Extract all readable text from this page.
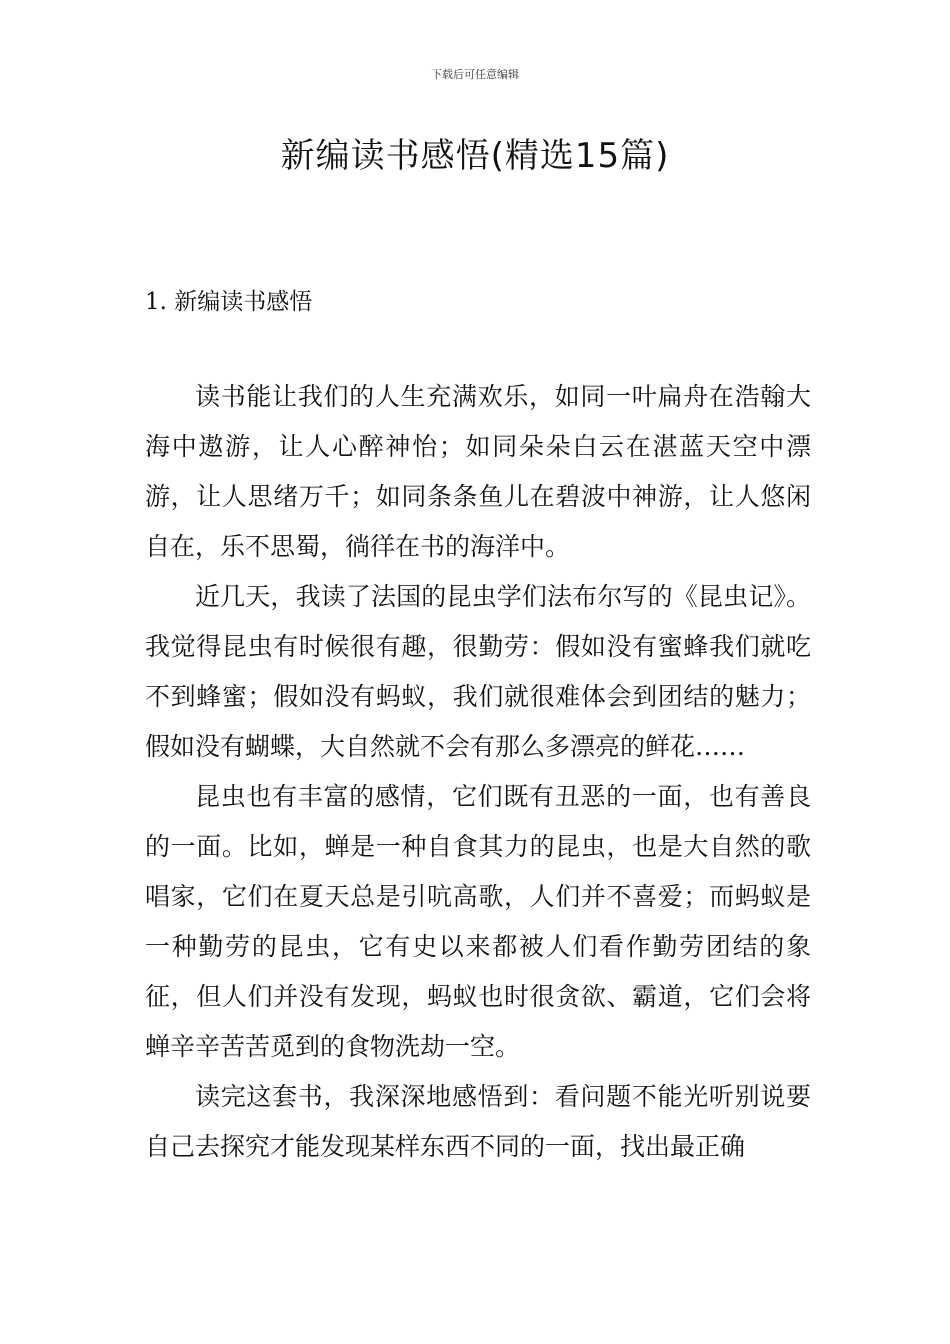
下载后可任意编辑
新编读书感悟(精选15篇)
1. 新编读书感悟

读书能让我们的人生充满欢乐，如同一叶扁舟在浩翰大海中遨游，让人心醉神怡；如同朵朵白云在湛蓝天空中漂游，让人思绪万千；如同条条鱼儿在碧波中神游，让人悠闲自在，乐不思蜀，徜徉在书的海洋中。

近几天，我读了法国的昆虫学们法布尔写的《昆虫记》。我觉得昆虫有时候很有趣，很勤劳：假如没有蜜蜂我们就吃不到蜂蜜；假如没有蚂蚁，我们就很难体会到团结的魅力；假如没有蝴蝶，大自然就不会有那么多漂亮的鲜花……

昆虫也有丰富的感情，它们既有丑恶的一面，也有善良的一面。比如，蝉是一种自食其力的昆虫，也是大自然的歌唱家，它们在夏天总是引吭高歌，人们并不喜爱；而蚂蚁是一种勤劳的昆虫，它有史以来都被人们看作勤劳团结的象征，但人们并没有发现，蚂蚁也时很贪欲、霸道，它们会将蝉辛辛苦苦觅到的食物洗劫一空。

读完这套书，我深深地感悟到：看问题不能光听别说要自己去探究才能发现某样东西不同的一面，找出最正确
